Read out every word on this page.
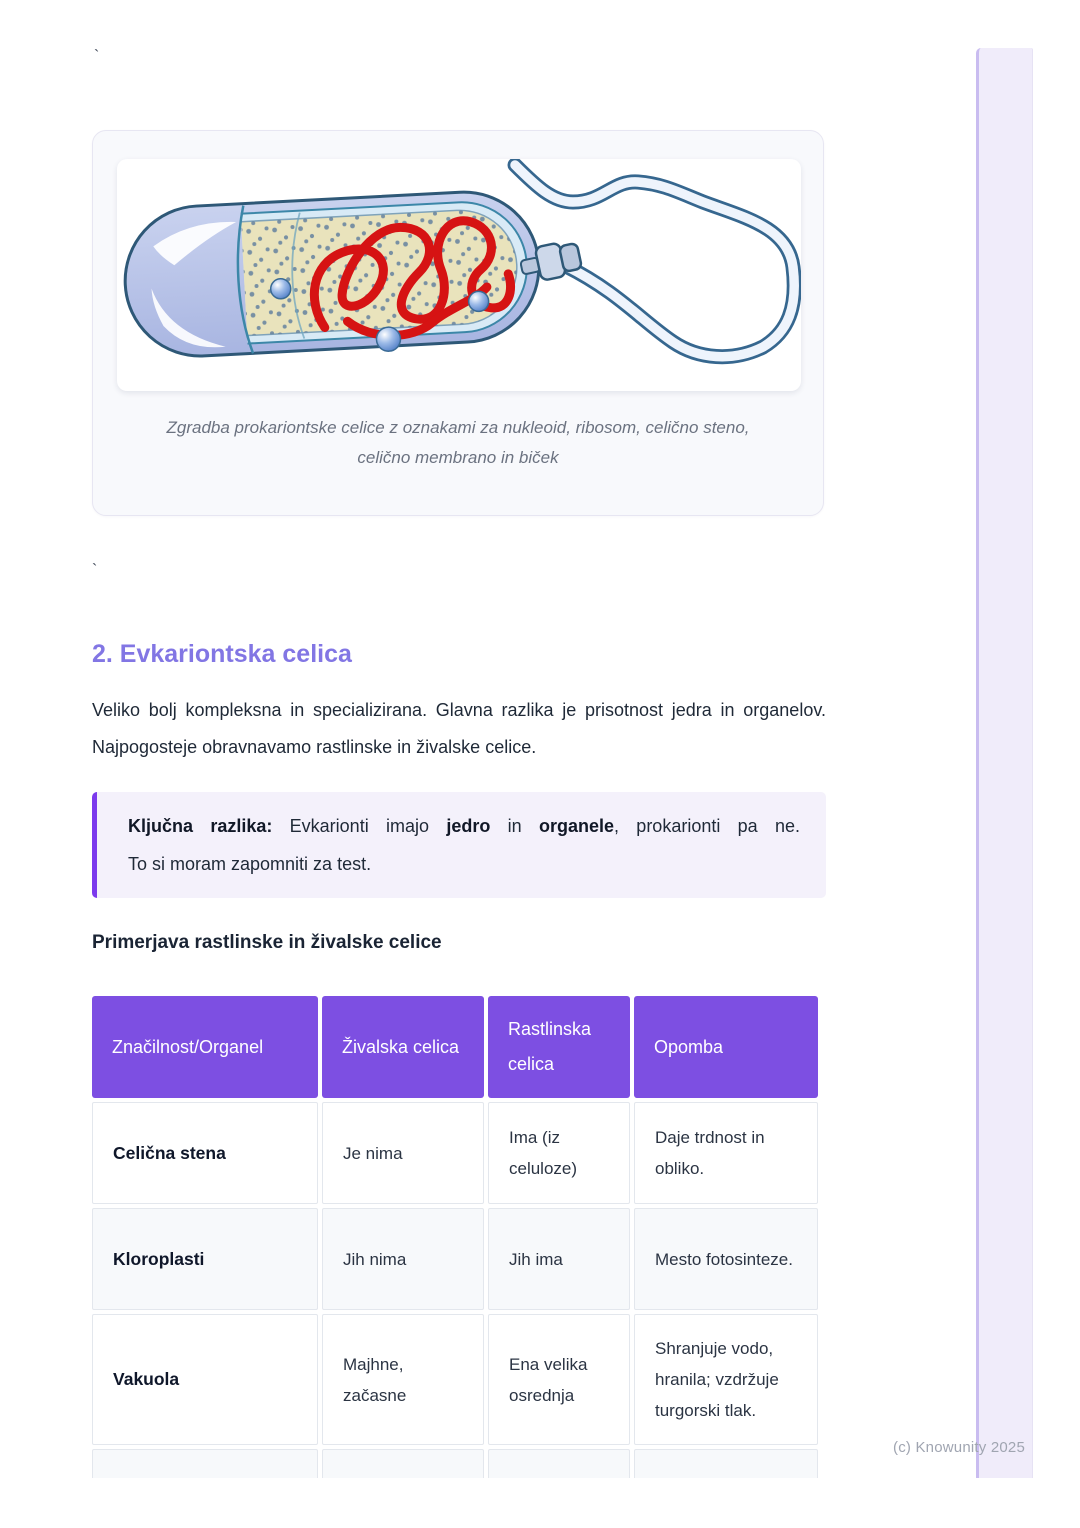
`
Zgradba prokariontske celice z oznakami za nukleoid, ribosom, celično steno, celično membrano in biček
`
2. Evkariontska celica

Veliko bolj kompleksna in specializirana. Glavna razlika je prisotnost jedra in organelov. Najpogosteje obravnavamo rastlinske in živalske celice.

Ključna razlika: Evkarionti imajo jedro in organele, prokarionti pa ne.
To si moram zapomniti za test.
Primerjava rastlinske in živalske celice
Značilnost/Organel	Živalska celica	Rastlinska celica	Opomba
Celična stena	Je nima	Ima (iz celuloze)	Daje trdnost in obliko.
Kloroplasti	Jih nima	Jih ima	Mesto fotosinteze.
Vakuola	Majhne, začasne	Ena velika osrednja	Shranjuje vodo, hranila; vzdržuje turgorski tlak.

(c) Knowunity 2025
